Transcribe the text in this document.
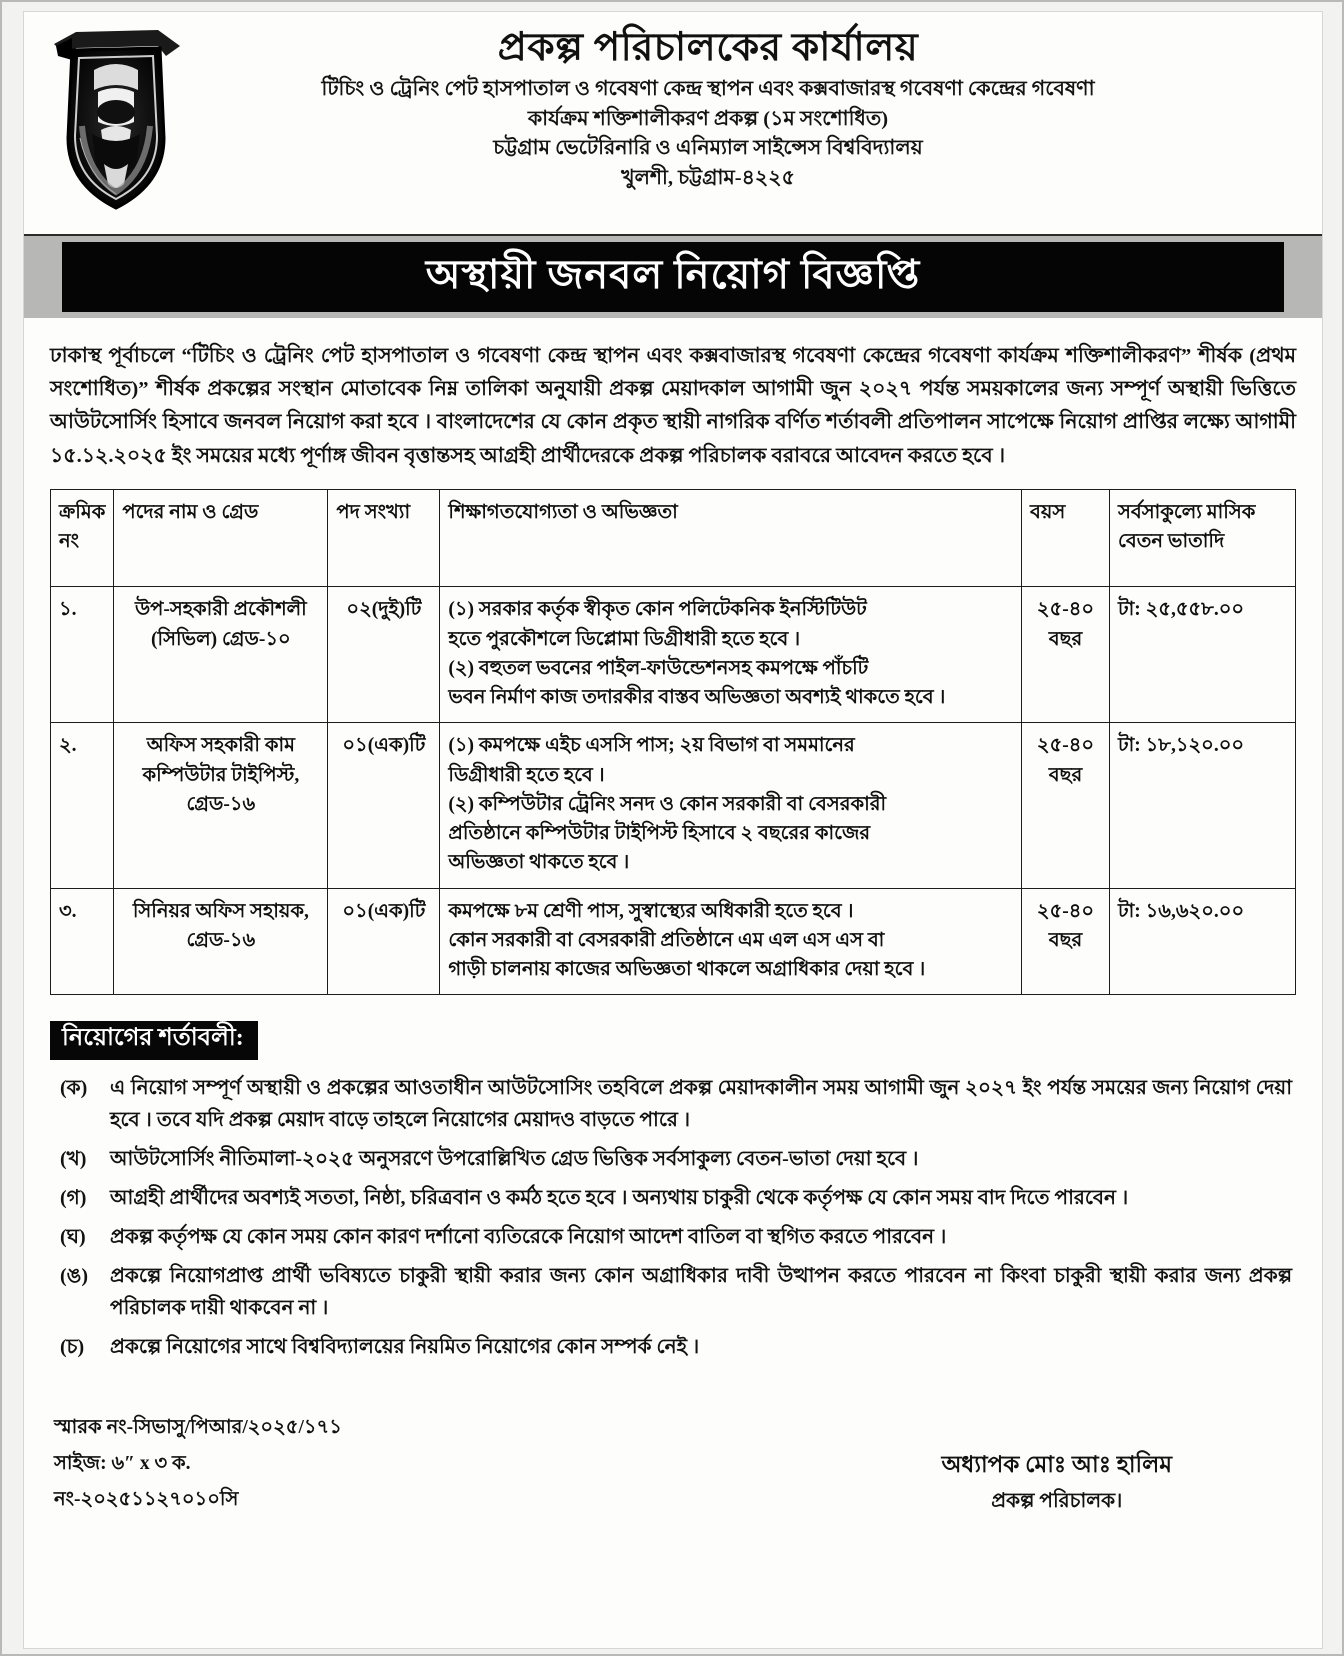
প্রকল্প পরিচালকের কার্যালয়
টিচিং ও ট্রেনিং পেট হাসপাতাল ও গবেষণা কেন্দ্র স্থাপন এবং কক্সবাজারস্থ গবেষণা কেন্দ্রের গবেষণা
কার্যক্রম শক্তিশালীকরণ প্রকল্প (১ম সংশোধিত)
চট্টগ্রাম ভেটেরিনারি ও এনিম্যাল সাইন্সেস বিশ্ববিদ্যালয়
খুলশী, চট্টগ্রাম-৪২২৫
অস্থায়ী জনবল নিয়োগ বিজ্ঞপ্তি
ঢাকাস্থ পূর্বাচলে “টিচিং ও ট্রেনিং পেট হাসপাতাল ও গবেষণা কেন্দ্র স্থাপন এবং কক্সবাজারস্থ গবেষণা কেন্দ্রের গবেষণা কার্যক্রম শক্তিশালীকরণ” শীর্ষক (প্রথম সংশোধিত)” শীর্ষক প্রকল্পের সংস্থান মোতাবেক নিম্ন তালিকা অনুযায়ী প্রকল্প মেয়াদকাল আগামী জুন ২০২৭ পর্যন্ত সময়কালের জন্য সম্পূর্ণ অস্থায়ী ভিত্তিতে আউটসোর্সিং হিসাবে জনবল নিয়োগ করা হবে । বাংলাদেশের যে কোন প্রকৃত স্থায়ী নাগরিক বর্ণিত শর্তাবলী প্রতিপালন সাপেক্ষে নিয়োগ প্রাপ্তির লক্ষ্যে আগামী ১৫.১২.২০২৫ ইং সময়ের মধ্যে পূর্ণাঙ্গ জীবন বৃত্তান্তসহ আগ্রহী প্রার্থীদেরকে প্রকল্প পরিচালক বরাবরে আবেদন করতে হবে ।
ক্রমিক নং	পদের নাম ও গ্রেড	পদ সংখ্যা	শিক্ষাগতযোগ্যতা ও অভিজ্ঞতা	বয়স	সর্বসাকুল্যে মাসিক বেতন ভাতাদি
১.	উপ-সহকারী প্রকৌশলী
(সিভিল) গ্রেড-১০	০২(দুই)টি	(১) সরকার কর্তৃক স্বীকৃত কোন পলিটেকনিক ইনস্টিটিউট
হতে পুরকৌশলে ডিপ্লোমা ডিগ্রীধারী হতে হবে ।
(২) বহুতল ভবনের পাইল-ফাউন্ডেশনসহ কমপক্ষে পাঁচটি
ভবন নির্মাণ কাজ তদারকীর বাস্তব অভিজ্ঞতা অবশ্যই থাকতে হবে ।	২৫-৪০
বছর	টা: ২৫,৫৫৮.০০
২.	অফিস সহকারী কাম
কম্পিউটার টাইপিস্ট,
গ্রেড-১৬	০১(এক)টি	(১) কমপক্ষে এইচ এসসি পাস; ২য় বিভাগ বা সমমানের
ডিগ্রীধারী হতে হবে ।
(২) কম্পিউটার ট্রেনিং সনদ ও কোন সরকারী বা বেসরকারী
প্রতিষ্ঠানে কম্পিউটার টাইপিস্ট হিসাবে ২ বছরের কাজের
অভিজ্ঞতা থাকতে হবে ।	২৫-৪০
বছর	টা: ১৮,১২০.০০
৩.	সিনিয়র অফিস সহায়ক,
গ্রেড-১৬	০১(এক)টি	কমপক্ষে ৮ম শ্রেণী পাস, সুস্বাস্থ্যের অধিকারী হতে হবে ।
কোন সরকারী বা বেসরকারী প্রতিষ্ঠানে এম এল এস এস বা
গাড়ী চালনায় কাজের অভিজ্ঞতা থাকলে অগ্রাধিকার দেয়া হবে ।	২৫-৪০
বছর	টা: ১৬,৬২০.০০
নিয়োগের শর্তাবলী:
(ক)	এ নিয়োগ সম্পূর্ণ অস্থায়ী ও প্রকল্পের আওতাধীন আউটসোসিং তহবিলে প্রকল্প মেয়াদকালীন সময় আগামী জুন ২০২৭ ইং পর্যন্ত সময়ের জন্য নিয়োগ দেয়া হবে । তবে যদি প্রকল্প মেয়াদ বাড়ে তাহলে নিয়োগের মেয়াদও বাড়তে পারে ।
(খ)	আউটসোর্সিং নীতিমালা-২০২৫ অনুসরণে উপরোল্লিখিত গ্রেড ভিত্তিক সর্বসাকুল্য বেতন-ভাতা দেয়া হবে ।
(গ)	আগ্রহী প্রার্থীদের অবশ্যই সততা, নিষ্ঠা, চরিত্রবান ও কর্মঠ হতে হবে । অন্যথায় চাকুরী থেকে কর্তৃপক্ষ যে কোন সময় বাদ দিতে পারবেন ।
(ঘ)	প্রকল্প কর্তৃপক্ষ যে কোন সময় কোন কারণ দর্শানো ব্যতিরেকে নিয়োগ আদেশ বাতিল বা স্থগিত করতে পারবেন ।
(ঙ)	প্রকল্পে নিয়োগপ্রাপ্ত প্রার্থী ভবিষ্যতে চাকুরী স্থায়ী করার জন্য কোন অগ্রাধিকার দাবী উত্থাপন করতে পারবেন না কিংবা চাকুরী স্থায়ী করার জন্য প্রকল্প পরিচালক দায়ী থাকবেন না ।
(চ)	প্রকল্পে নিয়োগের সাথে বিশ্ববিদ্যালয়ের নিয়মিত নিয়োগের কোন সম্পর্ক নেই ।
স্মারক নং-সিভাসু/পিআর/২০২৫/১৭১
সাইজ: ৬″ x ৩ ক.
নং-২০২৫১১২৭০১০সি
অধ্যাপক মোঃ আঃ হালিম
প্রকল্প পরিচালক।
